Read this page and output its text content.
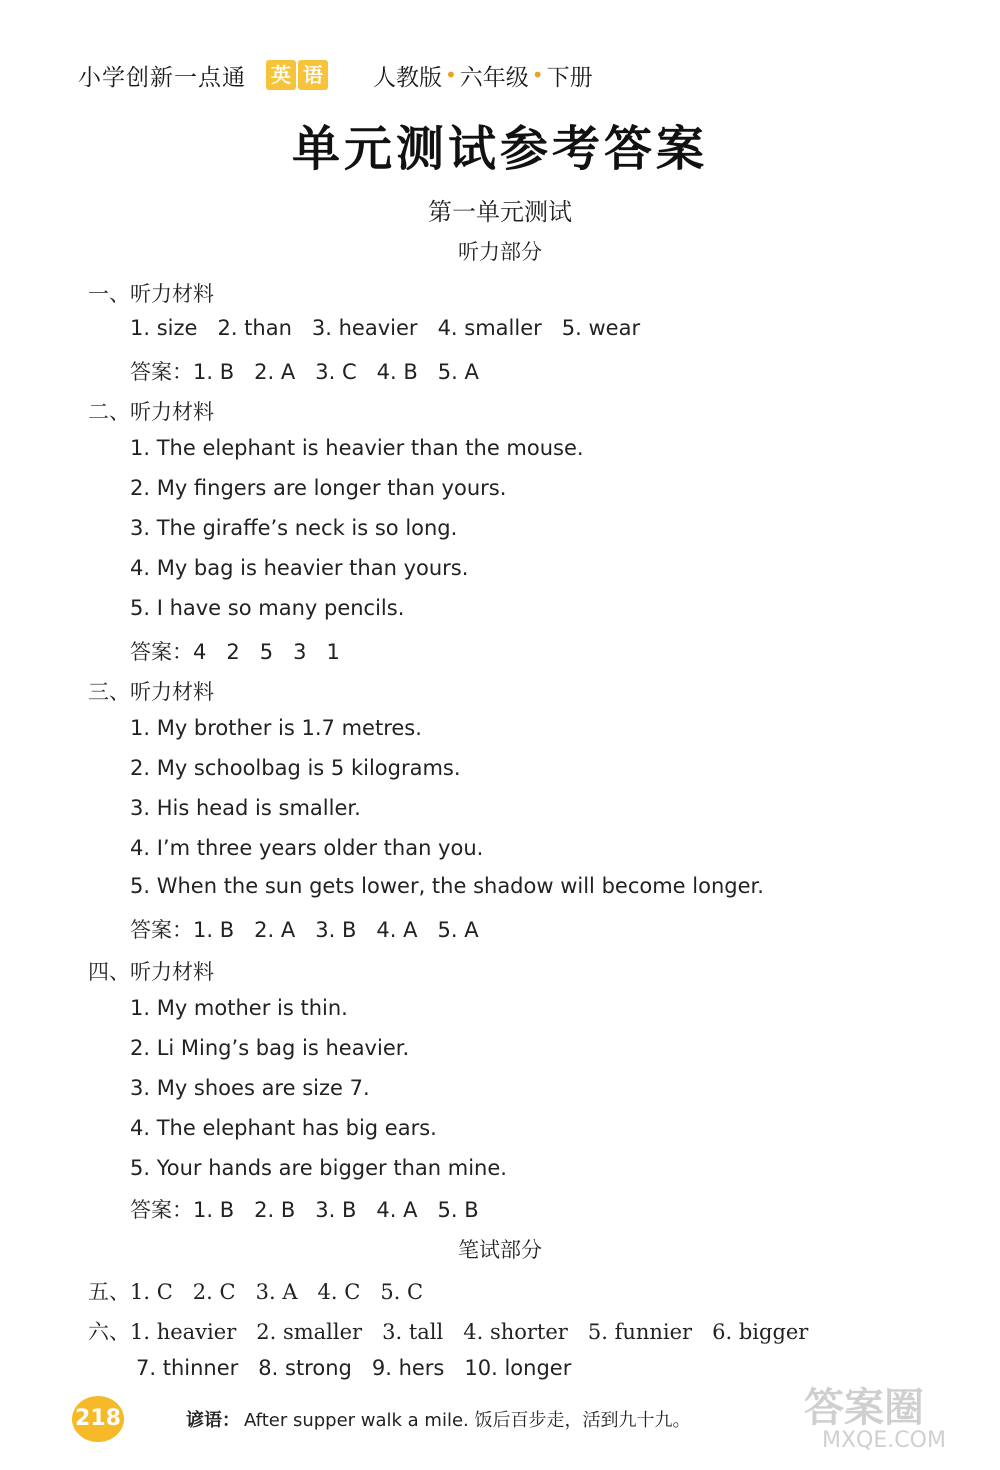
小学创新一点通 英 语 人教版 • 六年级 • 下册
单元测试参考答案
第一单元测试
听力部分
一、听力材料
1. size   2. than   3. heavier   4. smaller   5. wear
答案：1. B   2. A   3. C   4. B   5. A
二、听力材料
1. The elephant is heavier than the mouse.
2. My fingers are longer than yours.
3. The giraffe’s neck is so long.
4. My bag is heavier than yours.
5. I have so many pencils.
答案：4   2   5   3   1
三、听力材料
1. My brother is 1.7 metres.
2. My schoolbag is 5 kilograms.
3. His head is smaller.
4. I’m three years older than you.
5. When the sun gets lower, the shadow will become longer.
答案：1. B   2. A   3. B   4. A   5. A
四、听力材料
1. My mother is thin.
2. Li Ming’s bag is heavier.
3. My shoes are size 7.
4. The elephant has big ears.
5. Your hands are bigger than mine.
答案：1. B   2. B   3. B   4. A   5. B
笔试部分
五、1. C   2. C   3. A   4. C   5. C
六、1. heavier   2. smaller   3. tall   4. shorter   5. funnier   6. bigger
7. thinner   8. strong   9. hers   10. longer
218	谚语： After supper walk a mile. 饭后百步走，活到九十九。	答案圈
MXQE.COM
